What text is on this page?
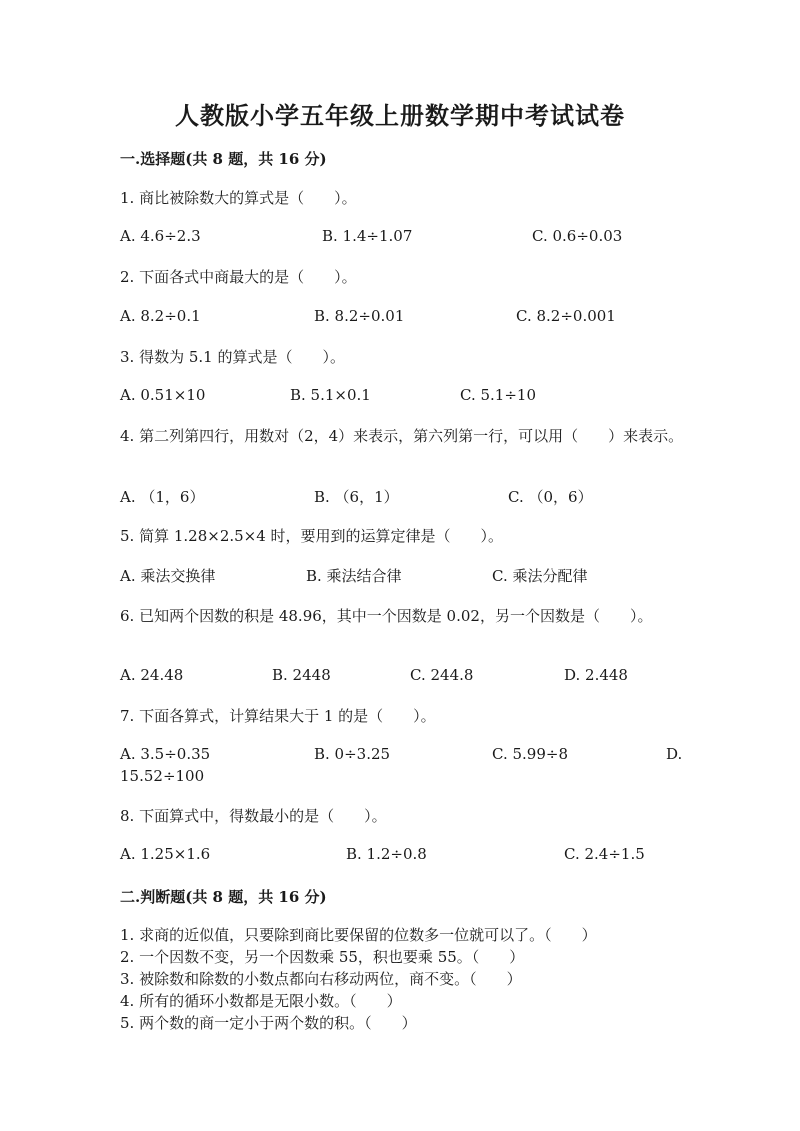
人教版小学五年级上册数学期中考试试卷
一.选择题(共 8 题，共 16 分)
1. 商比被除数大的算式是（　　）。
A. 4.6÷2.3	B. 1.4÷1.07	C. 0.6÷0.03
2. 下面各式中商最大的是（　　）。
A. 8.2÷0.1	B. 8.2÷0.01	C. 8.2÷0.001
3. 得数为 5.1 的算式是（　　）。
A. 0.51×10	B. 5.1×0.1	C. 5.1÷10
4. 第二列第四行，用数对（2，4）来表示，第六列第一行，可以用（　　）来表示。
A. （1，6）	B. （6，1）	C. （0，6）
5. 简算 1.28×2.5×4 时，要用到的运算定律是（　　）。
A. 乘法交换律	B. 乘法结合律	C. 乘法分配律
6. 已知两个因数的积是 48.96，其中一个因数是 0.02，另一个因数是（　　）。
A. 24.48	B. 2448	C. 244.8	D. 2.448
7. 下面各算式，计算结果大于 1 的是（　　）。
A. 3.5÷0.35	B. 0÷3.25	C. 5.99÷8	D.
15.52÷100
8. 下面算式中，得数最小的是（　　）。
A. 1.25×1.6	B. 1.2÷0.8	C. 2.4÷1.5
二.判断题(共 8 题，共 16 分)
1. 求商的近似值，只要除到商比要保留的位数多一位就可以了。（　　）
2. 一个因数不变，另一个因数乘 55，积也要乘 55。（　　）
3. 被除数和除数的小数点都向右移动两位，商不变。（　　）
4. 所有的循环小数都是无限小数。（　　）
5. 两个数的商一定小于两个数的积。（　　）
